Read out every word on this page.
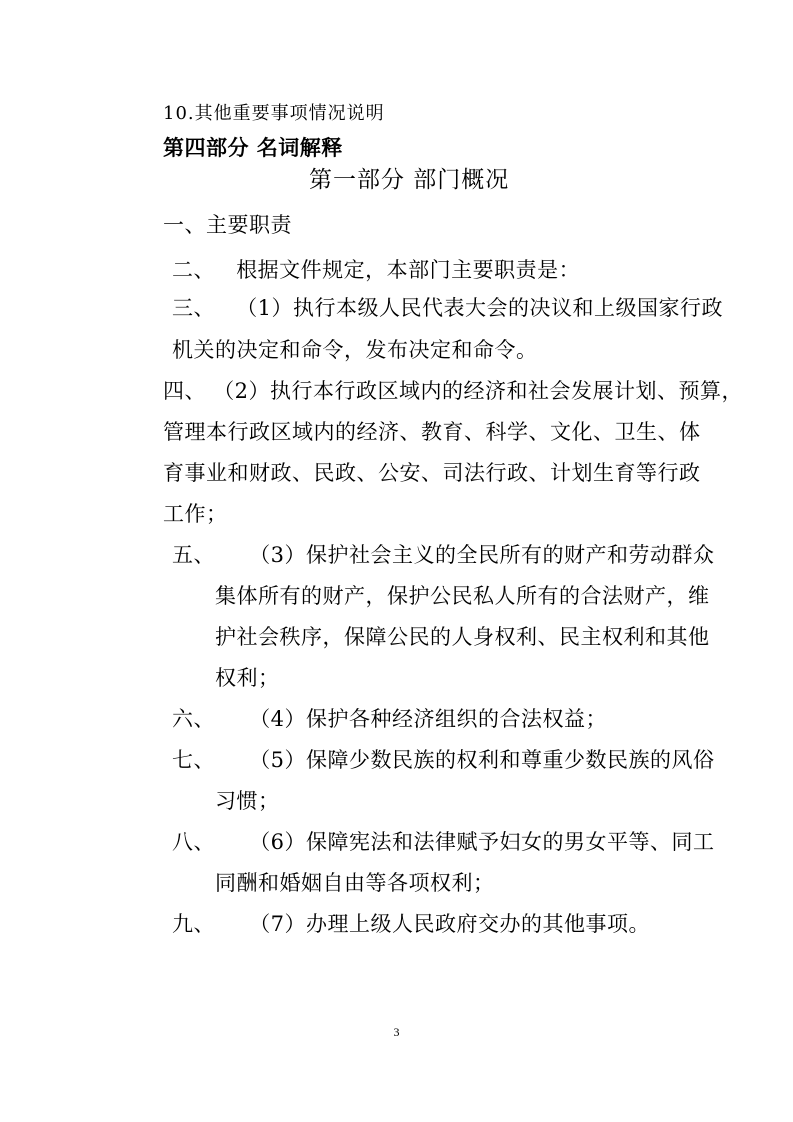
10.其他重要事项情况说明
第四部分 名词解释
第一部分 部门概况
一、主要职责
二、 根据文件规定，本部门主要职责是：
三、 （1）执行本级人民代表大会的决议和上级国家行政
机关的决定和命令，发布决定和命令。
四、 （2）执行本行政区域内的经济和社会发展计划、预算，
管理本行政区域内的经济、教育、科学、文化、卫生、体
育事业和财政、民政、公安、司法行政、计划生育等行政
工作；
五、 （3）保护社会主义的全民所有的财产和劳动群众
集体所有的财产，保护公民私人所有的合法财产，维
护社会秩序，保障公民的人身权利、民主权利和其他
权利；
六、 （4）保护各种经济组织的合法权益；
七、 （5）保障少数民族的权利和尊重少数民族的风俗
习惯；
八、 （6）保障宪法和法律赋予妇女的男女平等、同工
同酬和婚姻自由等各项权利；
九、 （7）办理上级人民政府交办的其他事项。
3
